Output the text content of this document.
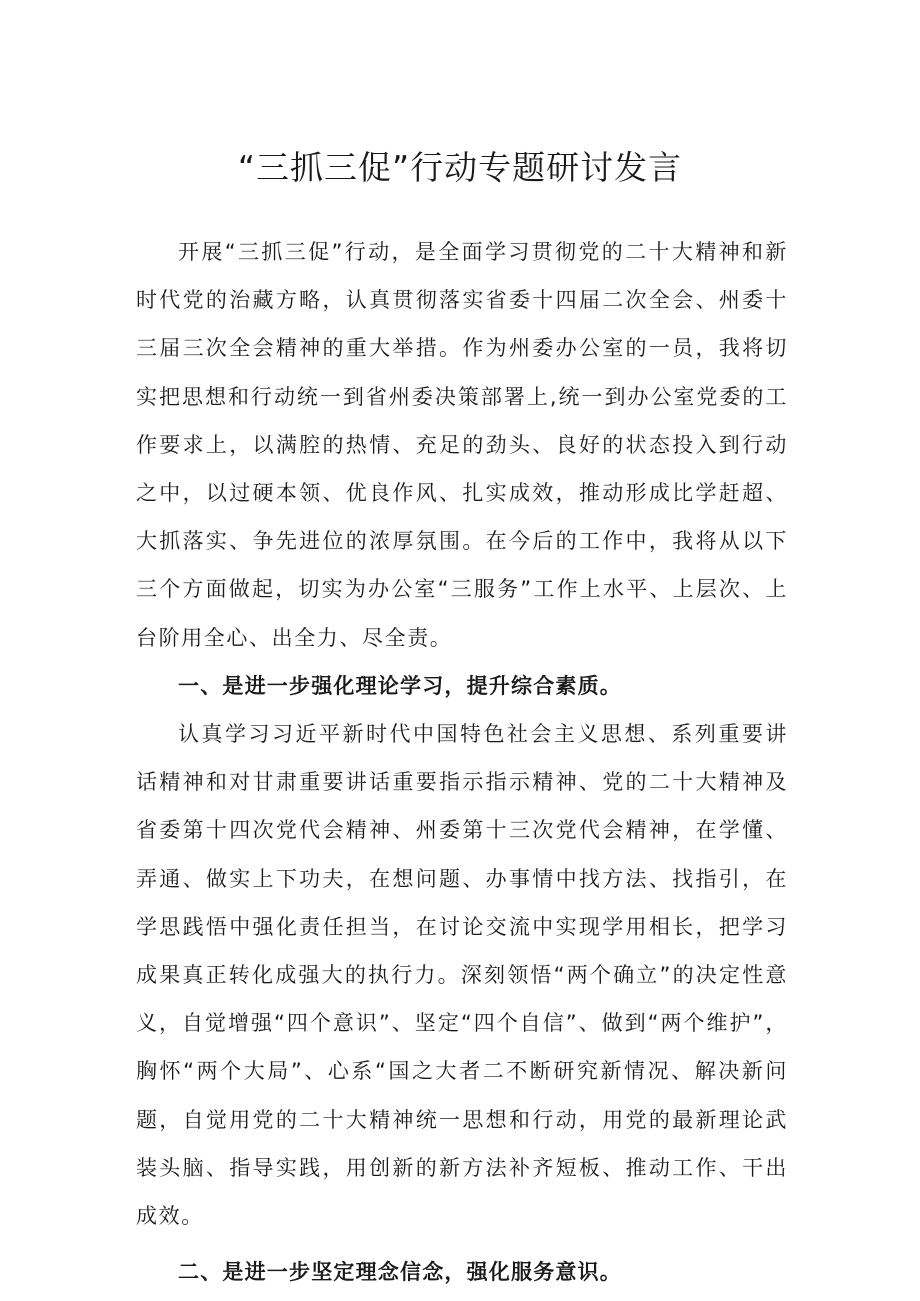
“三抓三促”行动专题研讨发言

开展“三抓三促”行动，是全面学习贯彻党的二十大精神和新时代党的治藏方略，认真贯彻落实省委十四届二次全会、州委十三届三次全会精神的重大举措。作为州委办公室的一员，我将切实把思想和行动统一到省州委决策部署上,统一到办公室党委的工作要求上，以满腔的热情、充足的劲头、良好的状态投入到行动之中，以过硬本领、优良作风、扎实成效，推动形成比学赶超、大抓落实、争先进位的浓厚氛围。在今后的工作中，我将从以下三个方面做起，切实为办公室“三服务”工作上水平、上层次、上台阶用全心、出全力、尽全责。

一、是进一步强化理论学习，提升综合素质。

认真学习习近平新时代中国特色社会主义思想、系列重要讲话精神和对甘肃重要讲话重要指示指示精神、党的二十大精神及省委第十四次党代会精神、州委第十三次党代会精神，在学懂、弄通、做实上下功夫，在想问题、办事情中找方法、找指引，在学思践悟中强化责任担当，在讨论交流中实现学用相长，把学习成果真正转化成强大的执行力。深刻领悟“两个确立”的决定性意义，自觉增强“四个意识”、坚定“四个自信”、做到“两个维护”，胸怀“两个大局”、心系“国之大者二不断研究新情况、解决新问题，自觉用党的二十大精神统一思想和行动，用党的最新理论武装头脑、指导实践，用创新的新方法补齐短板、推动工作、干出成效。

二、是进一步坚定理念信念，强化服务意识。
